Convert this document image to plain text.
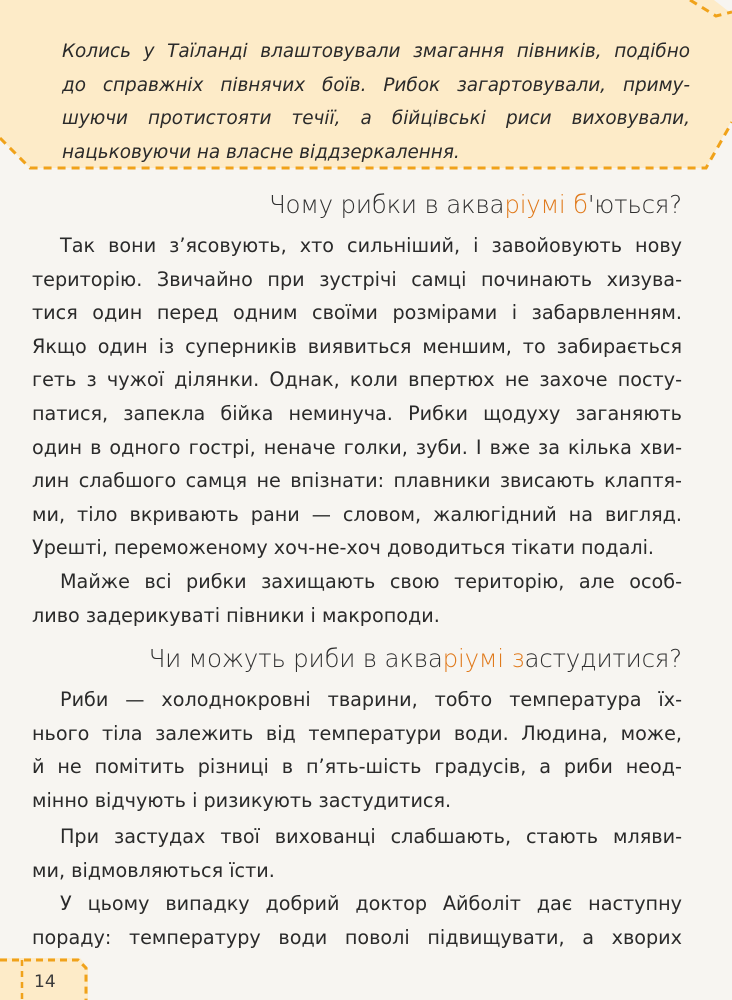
Колись у Таїланді влаштовували змагання півників, подібно
до справжніх півнячих боїв. Рибок загартовували, приму-
шуючи протистояти течії, а бійцівські риси виховували,
нацьковуючи на власне віддзеркалення.
Чому рибки в акваріумі б'ються?
Так вони з’ясовують, хто сильніший, і завойовують нову
територію. Звичайно при зустрічі самці починають хизува-
тися один перед одним своїми розмірами і забарвленням.
Якщо один із суперників виявиться меншим, то забирається
геть з чужої ділянки. Однак, коли впертюх не захоче посту-
патися, запекла бійка неминуча. Рибки щодуху заганяють
один в одного гострі, неначе голки, зуби. І вже за кілька хви-
лин слабшого самця не впізнати: плавники звисають клаптя-
ми, тіло вкривають рани — словом, жалюгідний на вигляд.
Урешті, переможеному хоч-не-хоч доводиться тікати подалі.
Майже всі рибки захищають свою територію, але особ-
ливо задерикуваті півники і макроподи.
Чи можуть риби в акваріумі застудитися?
Риби — холоднокровні тварини, тобто температура їх-
нього тіла залежить від температури води. Людина, може,
й не помітить різниці в п’ять-шість градусів, а риби неод-
мінно відчують і ризикують застудитися.
При застудах твої вихованці слабшають, стають мляви-
ми, відмовляються їсти.
У цьому випадку добрий доктор Айболіт дає наступну
пораду: температуру води поволі підвищувати, а хворих
14
